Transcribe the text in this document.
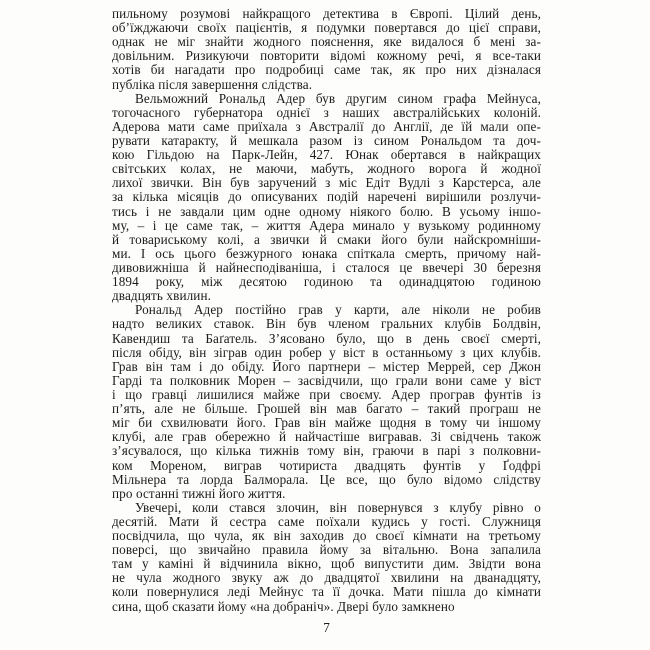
пильному розумові найкращого детектива в Європі. Цілий день,
об’їжджаючи своїх пацієнтів, я подумки повертався до цієї справи,
однак не міг знайти жодного пояснення, яке видалося б мені за-
довільним. Ризикуючи повторити відомі кожному речі, я все-таки
хотів би нагадати про подробиці саме так, як про них дізналася
публіка після завершення слідства.
Вельможний Рональд Адер був другим сином графа Мейнуса,
тогочасного губернатора однієї з наших австралійських колоній.
Адерова мати саме приїхала з Австралії до Англії, де їй мали опе-
рувати катаракту, й мешкала разом із сином Рональдом та доч-
кою Гільдою на Парк-Лейн, 427. Юнак обертався в найкращих
світських колах, не маючи, мабуть, жодного ворога й жодної
лихої звички. Він був заручений з міс Едіт Вудлі з Карстерса, але
за кілька місяців до описуваних подій наречені вирішили розлучи-
тись і не завдали цим одне одному ніякого болю. В усьому іншо-
му, – і це саме так, – життя Адера минало у вузькому родинному
й товариському колі, а звички й смаки його були найскромніши-
ми. І ось цього безжурного юнака спіткала смерть, причому най-
дивовижніша й найнесподіваніша, і сталося це ввечері 30 березня
1894 року, між десятою годиною та одинадцятою годиною
двадцять хвилин.
Рональд Адер постійно грав у карти, але ніколи не робив
надто великих ставок. Він був членом гральних клубів Болдвін,
Кавендиш та Баґатель. З’ясовано було, що в день своєї смерті,
після обіду, він зіграв один робер у віст в останньому з цих клубів.
Грав він там і до обіду. Його партнери – містер Меррей, сер Джон
Гарді та полковник Морен – засвідчили, що грали вони саме у віст
і що гравці лишилися майже при своєму. Адер програв фунтів із
п’ять, але не більше. Грошей він мав багато – такий програш не
міг би схвилювати його. Грав він майже щодня в тому чи іншому
клубі, але грав обережно й найчастіше вигравав. Зі свідчень також
з’ясувалося, що кілька тижнів тому він, граючи в парі з полковни-
ком Мореном, виграв чотириста двадцять фунтів у Ґодфрі
Мільнера та лорда Балморала. Це все, що було відомо слідству
про останні тижні його життя.
Увечері, коли стався злочин, він повернувся з клубу рівно о
десятій. Мати й сестра саме поїхали кудись у гості. Служниця
посвідчила, що чула, як він заходив до своєї кімнати на третьому
поверсі, що звичайно правила йому за вітальню. Вона запалила
там у каміні й відчинила вікно, щоб випустити дим. Звідти вона
не чула жодного звуку аж до двадцятої хвилини на дванадцяту,
коли повернулися леді Мейнус та її дочка. Мати пішла до кімнати
сина, щоб сказати йому «на добраніч». Двері було замкнено
7
